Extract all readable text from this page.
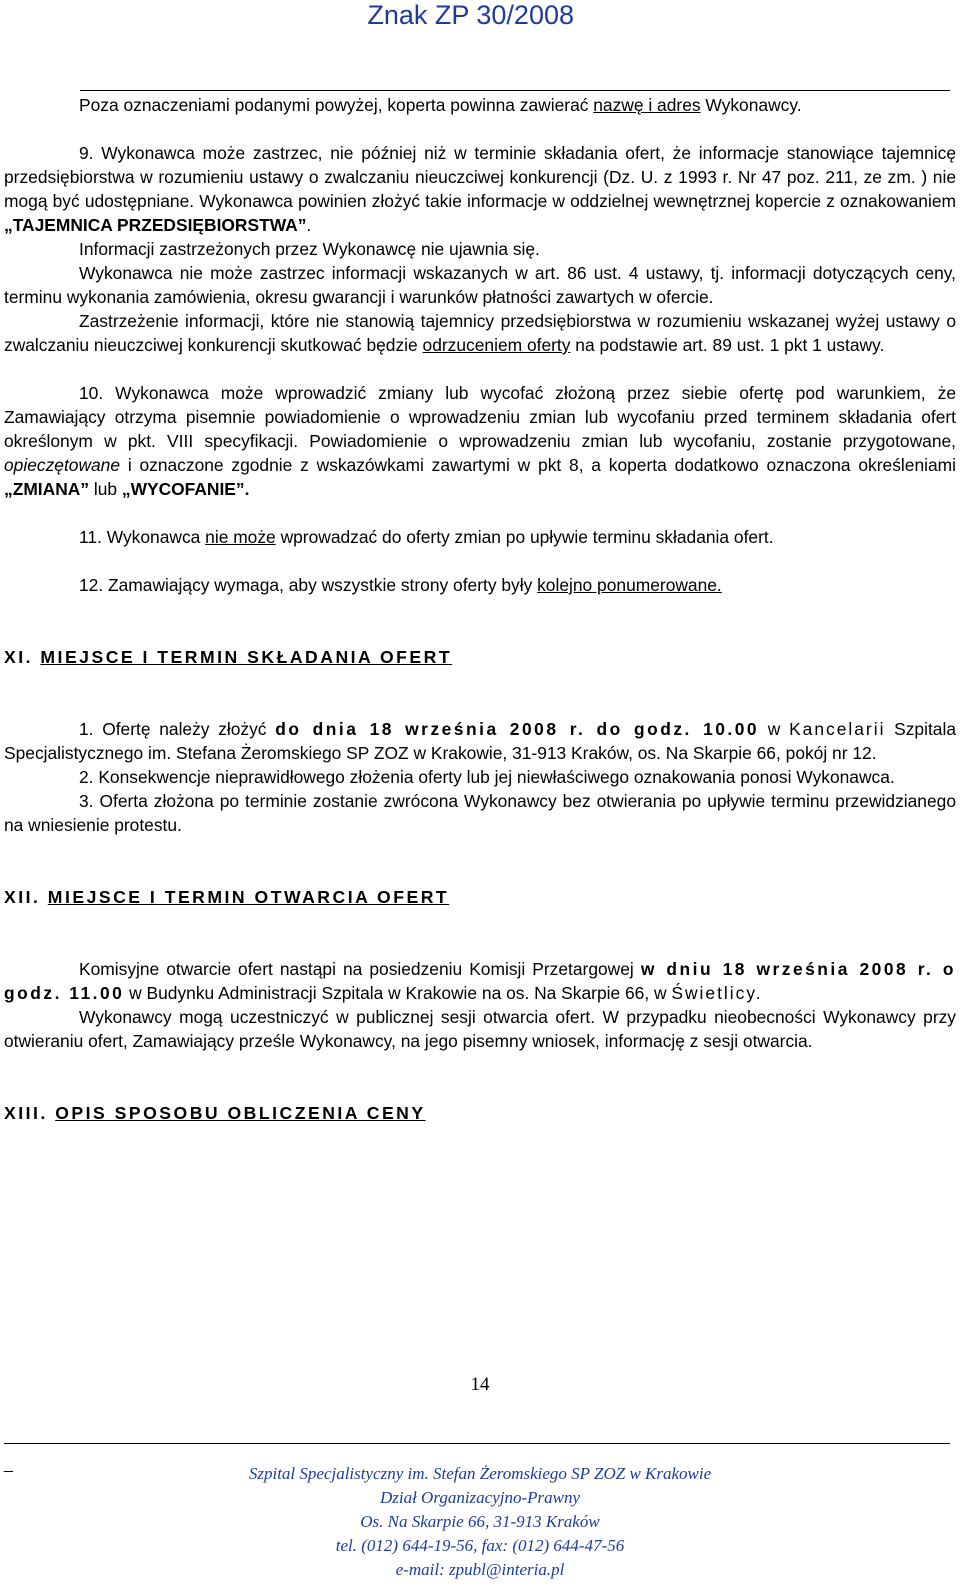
Znak ZP 30/2008

Poza oznaczeniami podanymi powyżej, koperta powinna zawierać nazwę i adres Wykonawcy.

9. Wykonawca może zastrzec, nie później niż w terminie składania ofert, że informacje stanowiące tajemnicę przedsiębiorstwa w rozumieniu ustawy o zwalczaniu nieuczciwej konkurencji (Dz. U. z 1993 r. Nr 47 poz. 211, ze zm. ) nie mogą być udostępniane. Wykonawca powinien złożyć takie informacje w oddzielnej wewnętrznej kopercie z oznakowaniem „TAJEMNICA PRZEDSIĘBIORSTWA”.

Informacji zastrzeżonych przez Wykonawcę nie ujawnia się.

Wykonawca nie może zastrzec informacji wskazanych w art. 86 ust. 4 ustawy, tj. informacji dotyczących ceny, terminu wykonania zamówienia, okresu gwarancji i warunków płatności zawartych w ofercie.

Zastrzeżenie informacji, które nie stanowią tajemnicy przedsiębiorstwa w rozumieniu wskazanej wyżej ustawy o zwalczaniu nieuczciwej konkurencji skutkować będzie odrzuceniem oferty na podstawie art. 89 ust. 1 pkt 1 ustawy.

10. Wykonawca może wprowadzić zmiany lub wycofać złożoną przez siebie ofertę pod warunkiem, że Zamawiający otrzyma pisemnie powiadomienie o wprowadzeniu zmian lub wycofaniu przed terminem składania ofert określonym w pkt. VIII specyfikacji. Powiadomienie o wprowadzeniu zmian lub wycofaniu, zostanie przygotowane, opieczętowane i oznaczone zgodnie z wskazówkami zawartymi w pkt 8, a koperta dodatkowo oznaczona określeniami „ZMIANA” lub „WYCOFANIE”.

11. Wykonawca nie może wprowadzać do oferty zmian po upływie terminu składania ofert.

12. Zamawiający wymaga, aby wszystkie strony oferty były kolejno ponumerowane.

XI. MIEJSCE I TERMIN SKŁADANIA OFERT

1. Ofertę należy złożyć do dnia 18 września 2008 r. do godz. 10.00 w Kancelarii Szpitala Specjalistycznego im. Stefana Żeromskiego SP ZOZ w Krakowie, 31-913 Kraków, os. Na Skarpie 66, pokój nr 12.

2. Konsekwencje nieprawidłowego złożenia oferty lub jej niewłaściwego oznakowania ponosi Wykonawca.

3. Oferta złożona po terminie zostanie zwrócona Wykonawcy bez otwierania po upływie terminu przewidzianego na wniesienie protestu.

XII. MIEJSCE I TERMIN OTWARCIA OFERT

Komisyjne otwarcie ofert nastąpi na posiedzeniu Komisji Przetargowej w dniu 18 września 2008 r. o godz. 11.00 w Budynku Administracji Szpitala w Krakowie na os. Na Skarpie 66, w Świetlicy.

Wykonawcy mogą uczestniczyć w publicznej sesji otwarcia ofert. W przypadku nieobecności Wykonawcy przy otwieraniu ofert, Zamawiający prześle Wykonawcy, na jego pisemny wniosek, informację z sesji otwarcia.

XIII. OPIS SPOSOBU OBLICZENIA CENY

14
_	Szpital Specjalistyczny im. Stefan Żeromskiego SP ZOZ w Krakowie
Dział Organizacyjno-Prawny
Os. Na Skarpie 66, 31-913 Kraków
tel. (012) 644-19-56, fax: (012) 644-47-56
e-mail: zpubl@interia.pl
